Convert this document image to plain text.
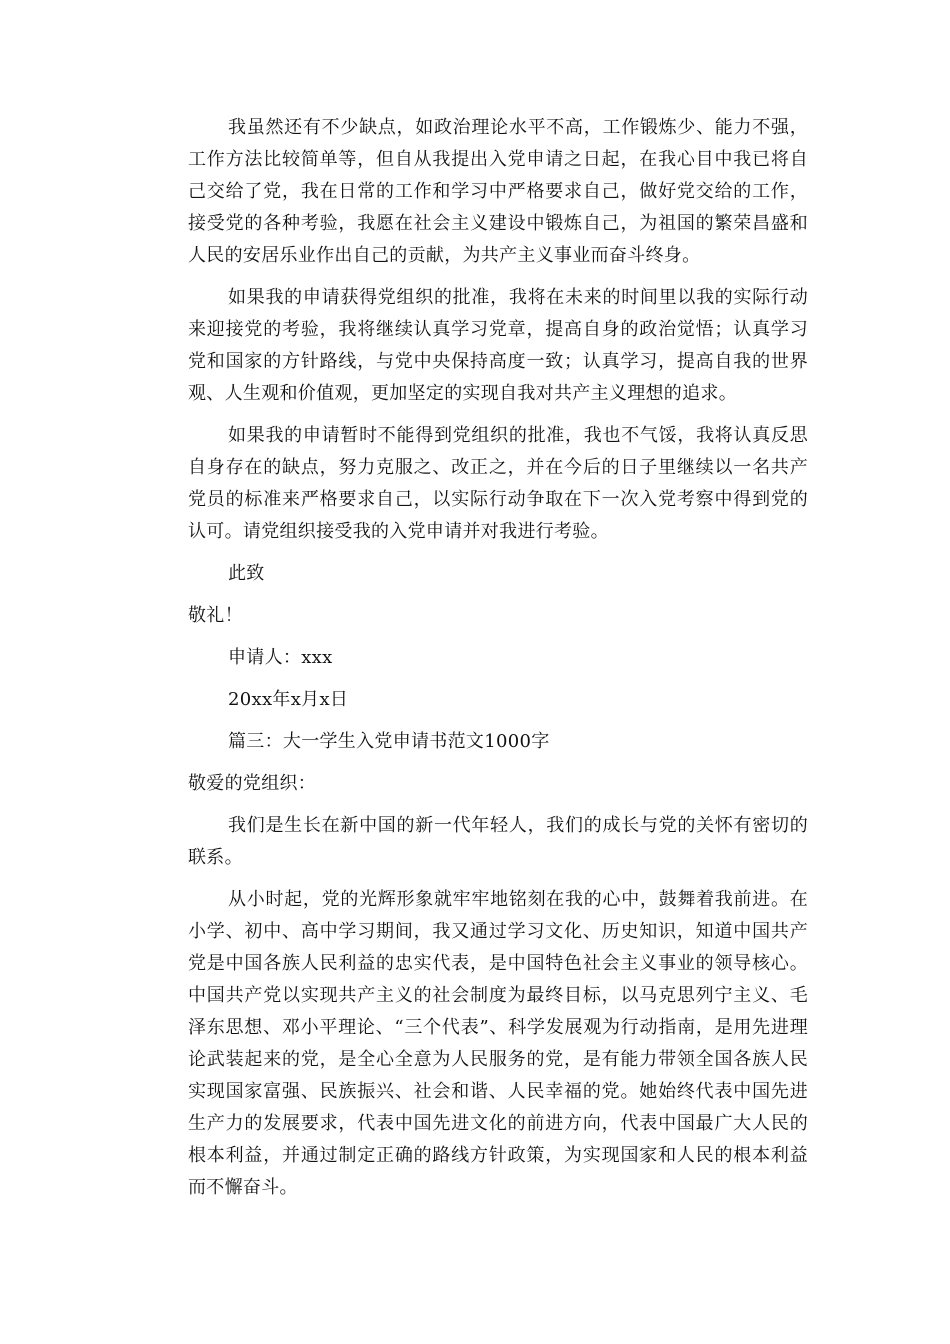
我虽然还有不少缺点，如政治理论水平不高，工作锻炼少、能力不强，工作方法比较简单等，但自从我提出入党申请之日起，在我心目中我已将自己交给了党，我在日常的工作和学习中严格要求自己，做好党交给的工作，接受党的各种考验，我愿在社会主义建设中锻炼自己，为祖国的繁荣昌盛和人民的安居乐业作出自己的贡献，为共产主义事业而奋斗终身。

如果我的申请获得党组织的批准，我将在未来的时间里以我的实际行动来迎接党的考验，我将继续认真学习党章，提高自身的政治觉悟；认真学习党和国家的方针路线，与党中央保持高度一致；认真学习，提高自我的世界观、人生观和价值观，更加坚定的实现自我对共产主义理想的追求。

如果我的申请暂时不能得到党组织的批准，我也不气馁，我将认真反思自身存在的缺点，努力克服之、改正之，并在今后的日子里继续以一名共产党员的标准来严格要求自己，以实际行动争取在下一次入党考察中得到党的认可。请党组织接受我的入党申请并对我进行考验。

此致
敬礼！
申请人：xxx
20xx年x月x日
篇三：大一学生入党申请书范文1000字
敬爱的党组织：

我们是生长在新中国的新一代年轻人，我们的成长与党的关怀有密切的联系。

从小时起，党的光辉形象就牢牢地铭刻在我的心中，鼓舞着我前进。在小学、初中、高中学习期间，我又通过学习文化、历史知识，知道中国共产党是中国各族人民利益的忠实代表，是中国特色社会主义事业的领导核心。中国共产党以实现共产主义的社会制度为最终目标，以马克思列宁主义、毛泽东思想、邓小平理论、“三个代表”、科学发展观为行动指南，是用先进理论武装起来的党，是全心全意为人民服务的党，是有能力带领全国各族人民实现国家富强、民族振兴、社会和谐、人民幸福的党。她始终代表中国先进生产力的发展要求，代表中国先进文化的前进方向，代表中国最广大人民的根本利益，并通过制定正确的路线方针政策，为实现国家和人民的根本利益而不懈奋斗。
